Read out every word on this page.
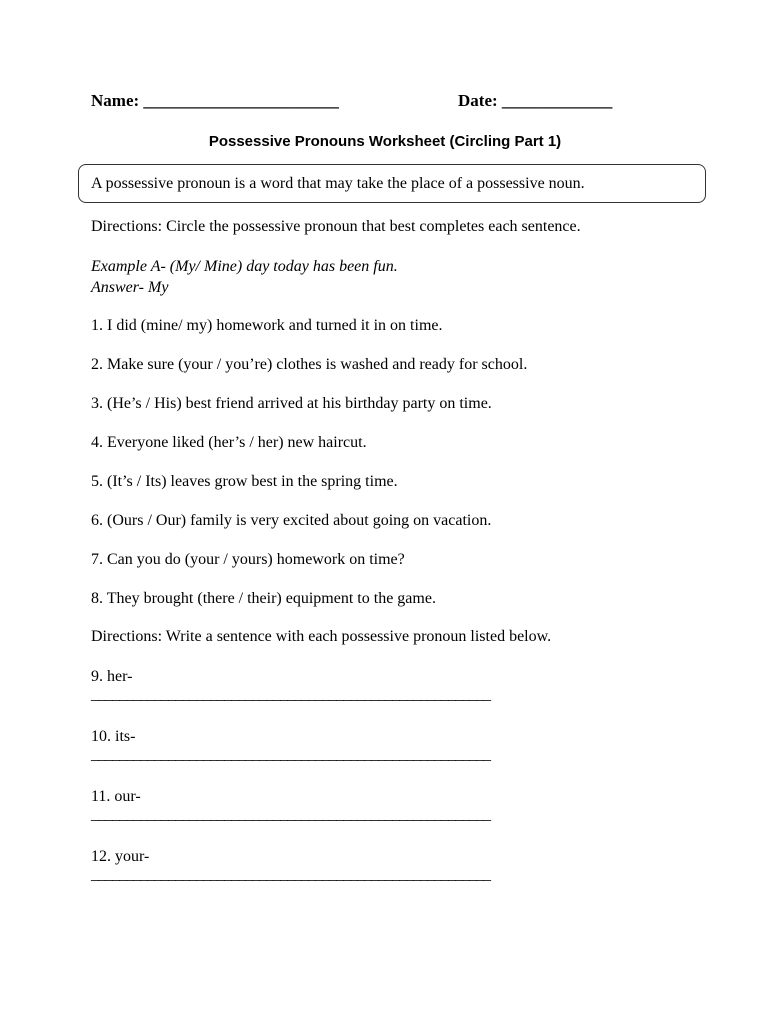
Name: _______________________	Date: _____________
Possessive Pronouns Worksheet (Circling Part 1)
A possessive pronoun is a word that may take the place of a possessive noun.
Directions: Circle the possessive pronoun that best completes each sentence.
Example A- (My/ Mine) day today has been fun.
Answer- My
1. I did (mine/ my) homework and turned it in on time.
2. Make sure (your / you’re) clothes is washed and ready for school.
3. (He’s / His) best friend arrived at his birthday party on time.
4. Everyone liked (her’s / her) new haircut.
5. (It’s / Its) leaves grow best in the spring time.
6. (Ours / Our) family is very excited about going on vacation.
7. Can you do (your / yours) homework on time?
8. They brought (there / their) equipment to the game.
Directions: Write a sentence with each possessive pronoun listed below.
9. her-
_________________________________________________________
10. its-
_________________________________________________________
11. our-
_________________________________________________________
12. your-
_________________________________________________________
